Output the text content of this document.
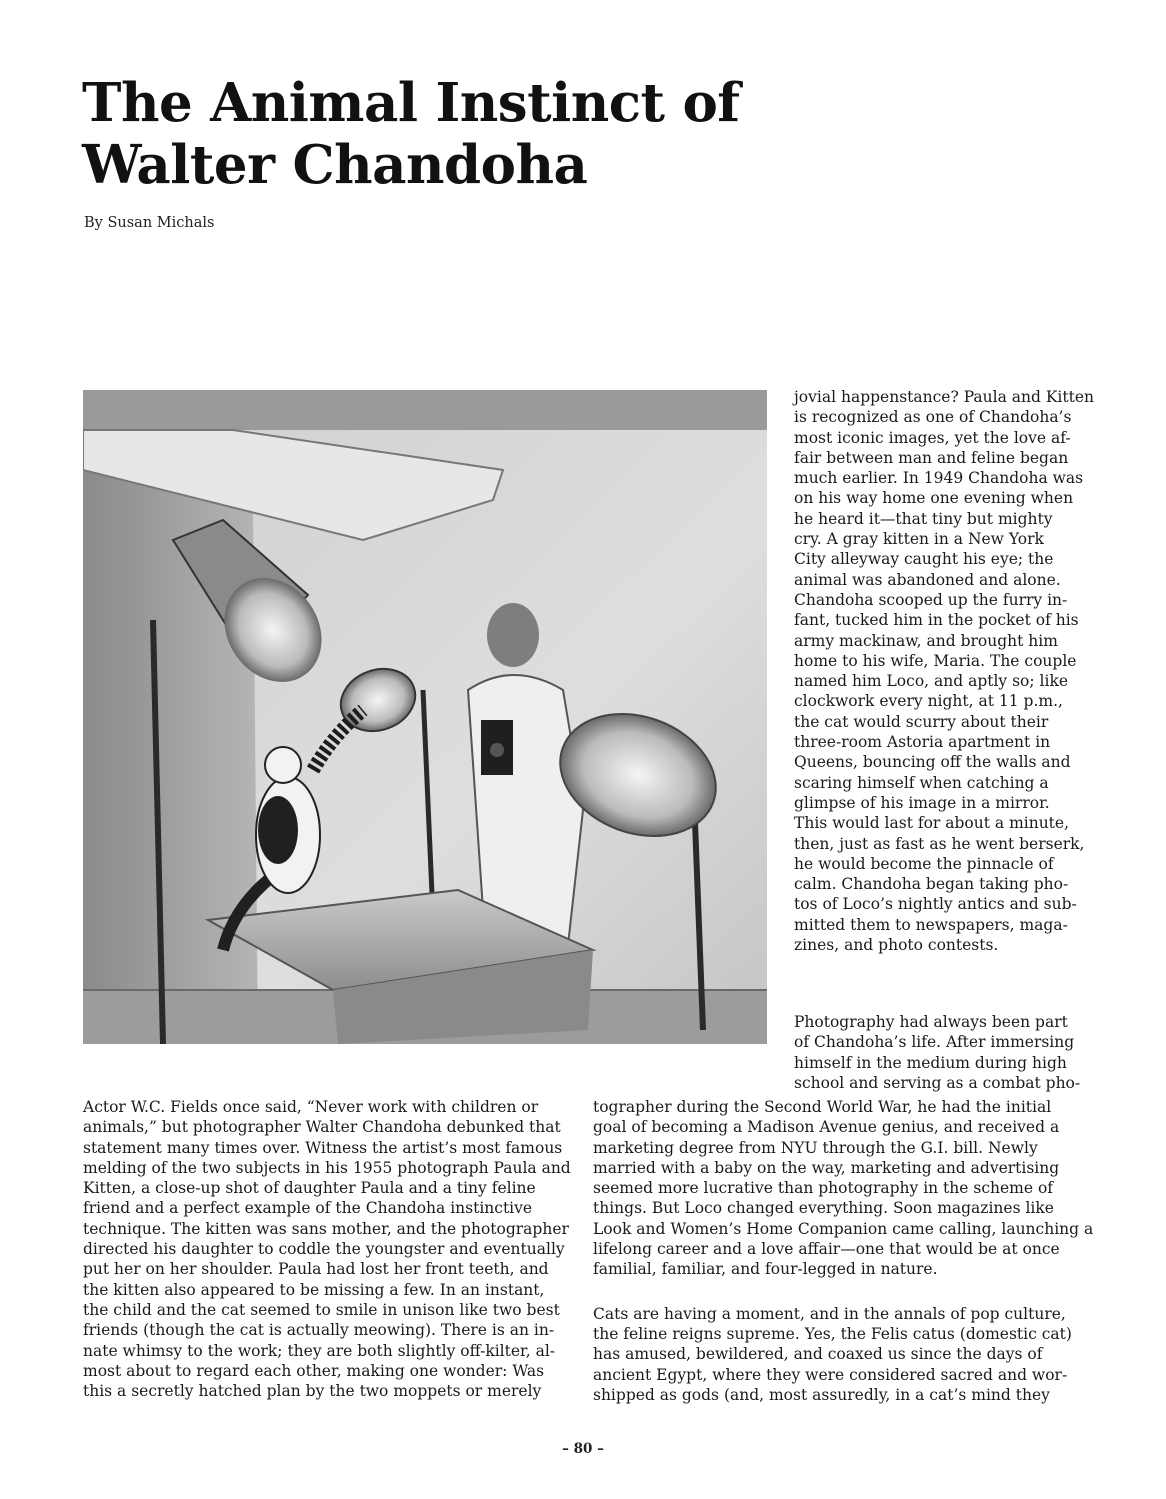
The Animal Instinct of
Walter Chandoha
By Susan Michals

jovial happenstance? Paula and Kitten

is recognized as one of Chandoha’s

most iconic images, yet the love af-

fair between man and feline began

much earlier. In 1949 Chandoha was

on his way home one evening when

he heard it—that tiny but mighty

cry. A gray kitten in a New York

City alleyway caught his eye; the

animal was abandoned and alone.

Chandoha scooped up the furry in-

fant, tucked him in the pocket of his

army mackinaw, and brought him

home to his wife, Maria. The couple

named him Loco, and aptly so; like

clockwork every night, at 11 p.m.,

the cat would scurry about their

three-room Astoria apartment in

Queens, bouncing off the walls and

scaring himself when catching a

glimpse of his image in a mirror.

This would last for about a minute,

then, just as fast as he went berserk,

he would become the pinnacle of

calm. Chandoha began taking pho-

tos of Loco’s nightly antics and sub-

mitted them to newspapers, maga-

zines, and photo contests.

Photography had always been part

of Chandoha’s life. After immersing

himself in the medium during high

school and serving as a combat pho-

Actor W.C. Fields once said, “Never work with children or

animals,” but photographer Walter Chandoha debunked that

statement many times over. Witness the artist’s most famous

melding of the two subjects in his 1955 photograph Paula and

Kitten, a close-up shot of daughter Paula and a tiny feline

friend and a perfect example of the Chandoha instinctive

technique. The kitten was sans mother, and the photographer

directed his daughter to coddle the youngster and eventually

put her on her shoulder. Paula had lost her front teeth, and

the kitten also appeared to be missing a few. In an instant,

the child and the cat seemed to smile in unison like two best

friends (though the cat is actually meowing). There is an in-

nate whimsy to the work; they are both slightly off-kilter, al-

most about to regard each other, making one wonder: Was

this a secretly hatched plan by the two moppets or merely

tographer during the Second World War, he had the initial

goal of becoming a Madison Avenue genius, and received a

marketing degree from NYU through the G.I. bill. Newly

married with a baby on the way, marketing and advertising

seemed more lucrative than photography in the scheme of

things. But Loco changed everything. Soon magazines like

Look and Women’s Home Companion came calling, launching a

lifelong career and a love affair—one that would be at once

familial, familiar, and four-legged in nature.

Cats are having a moment, and in the annals of pop culture,

the feline reigns supreme. Yes, the Felis catus (domestic cat)

has amused, bewildered, and coaxed us since the days of

ancient Egypt, where they were considered sacred and wor-

shipped as gods (and, most assuredly, in a cat’s mind they

– 80 –
